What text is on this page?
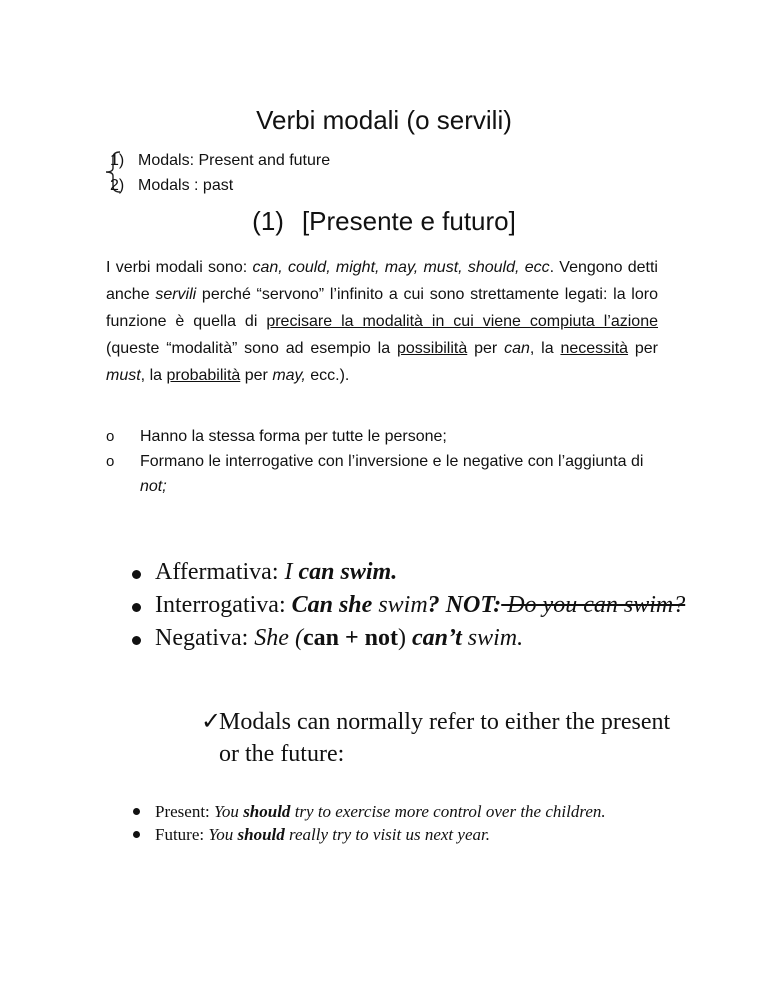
Verbi modali (o servili)
1) Modals: Present and future
2) Modals : past
(1) [Presente e futuro]
I verbi modali sono: can, could, might, may, must, should, ecc. Vengono detti anche servili perché “servono” l’infinito a cui sono strettamente legati: la loro funzione è quella di precisare la modalità in cui viene compiuta l’azione (queste “modalità” sono ad esempio la possibilità per can, la necessità per must, la probabilità per may, ecc.).
o	Hanno la stessa forma per tutte le persone;
o	Formano le interrogative con l’inversione e le negative con l’aggiunta di not;
Affermativa: I can swim.
Interrogativa: Can she swim? NOT: Do you can swim?
Negativa: She (can + not) can’t swim.
✓
Modals can normally refer to either the present or the future:
Present: You should try to exercise more control over the children.
Future: You should really try to visit us next year.
